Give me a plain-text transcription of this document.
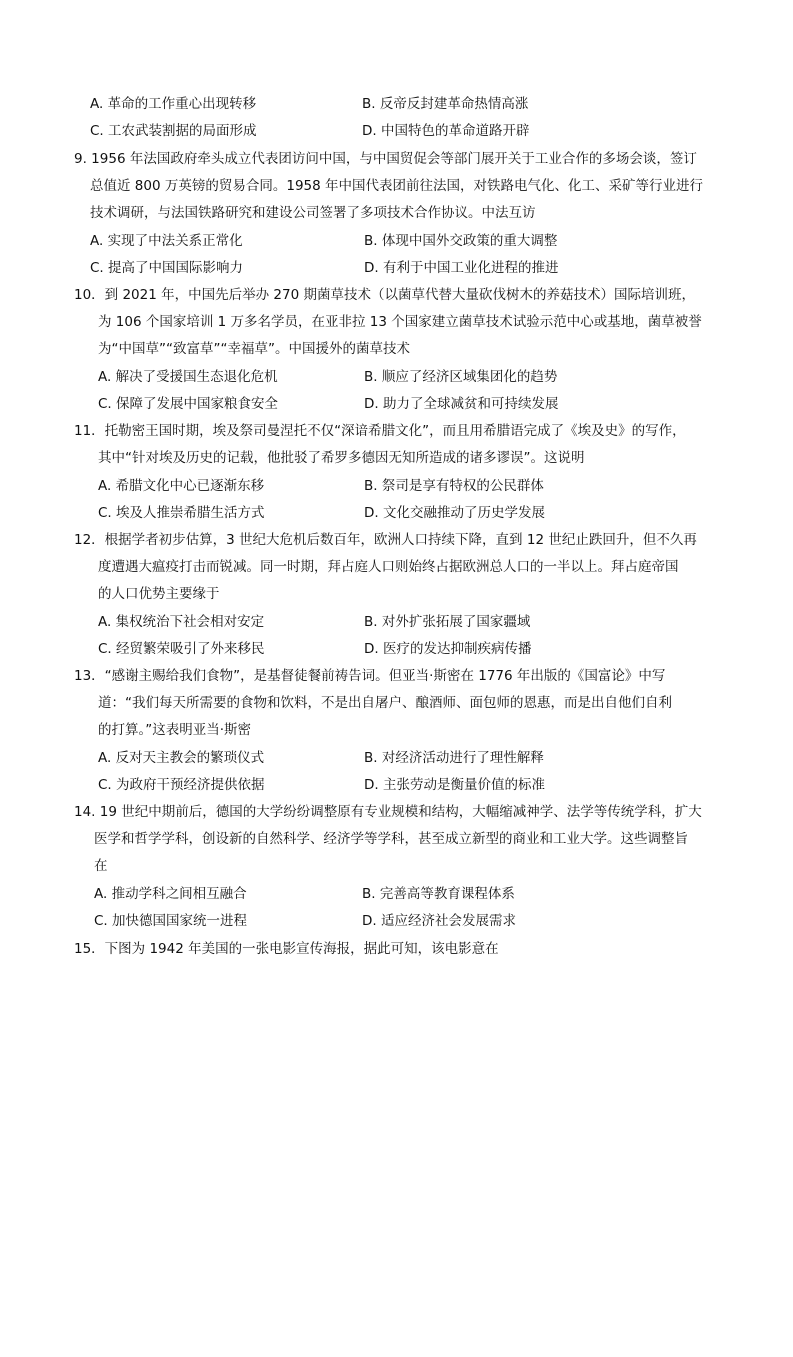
A. 革命的工作重心出现转移	B. 反帝反封建革命热情高涨
C. 工农武装割据的局面形成	D. 中国特色的革命道路开辟
9. 1956 年法国政府牵头成立代表团访问中国，与中国贸促会等部门展开关于工业合作的多场会谈，签订
总值近 800 万英镑的贸易合同。1958 年中国代表团前往法国，对铁路电气化、化工、采矿等行业进行
技术调研，与法国铁路研究和建设公司签署了多项技术合作协议。中法互访
A. 实现了中法关系正常化	B. 体现中国外交政策的重大调整
C. 提高了中国国际影响力	D. 有利于中国工业化进程的推进
10．到 2021 年，中国先后举办 270 期菌草技术（以菌草代替大量砍伐树木的养菇技术）国际培训班，
为 106 个国家培训 1 万多名学员，在亚非拉 13 个国家建立菌草技术试验示范中心或基地，菌草被誉
为“中国草”“致富草”“幸福草”。中国援外的菌草技术
A. 解决了受援国生态退化危机	B. 顺应了经济区域集团化的趋势
C. 保障了发展中国家粮食安全	D. 助力了全球减贫和可持续发展
11．托勒密王国时期，埃及祭司曼涅托不仅“深谙希腊文化”，而且用希腊语完成了《埃及史》的写作，
其中“针对埃及历史的记载，他批驳了希罗多德因无知所造成的诸多谬误”。这说明
A. 希腊文化中心已逐渐东移	B. 祭司是享有特权的公民群体
C. 埃及人推崇希腊生活方式	D. 文化交融推动了历史学发展
12．根据学者初步估算，3 世纪大危机后数百年，欧洲人口持续下降，直到 12 世纪止跌回升，但不久再
度遭遇大瘟疫打击而锐减。同一时期，拜占庭人口则始终占据欧洲总人口的一半以上。拜占庭帝国
的人口优势主要缘于
A. 集权统治下社会相对安定	B. 对外扩张拓展了国家疆域
C. 经贸繁荣吸引了外来移民	D. 医疗的发达抑制疾病传播
13．“感谢主赐给我们食物”，是基督徒餐前祷告词。但亚当·斯密在 1776 年出版的《国富论》中写
道：“我们每天所需要的食物和饮料，不是出自屠户、酿酒师、面包师的恩惠，而是出自他们自利
的打算。”这表明亚当·斯密
A. 反对天主教会的繁琐仪式	B. 对经济活动进行了理性解释
C. 为政府干预经济提供依据	D. 主张劳动是衡量价值的标准
14. 19 世纪中期前后，德国的大学纷纷调整原有专业规模和结构，大幅缩减神学、法学等传统学科，扩大
医学和哲学学科，创设新的自然科学、经济学等学科，甚至成立新型的商业和工业大学。这些调整旨
在
A. 推动学科之间相互融合	B. 完善高等教育课程体系
C. 加快德国国家统一进程	D. 适应经济社会发展需求
15．下图为 1942 年美国的一张电影宣传海报，据此可知，该电影意在
